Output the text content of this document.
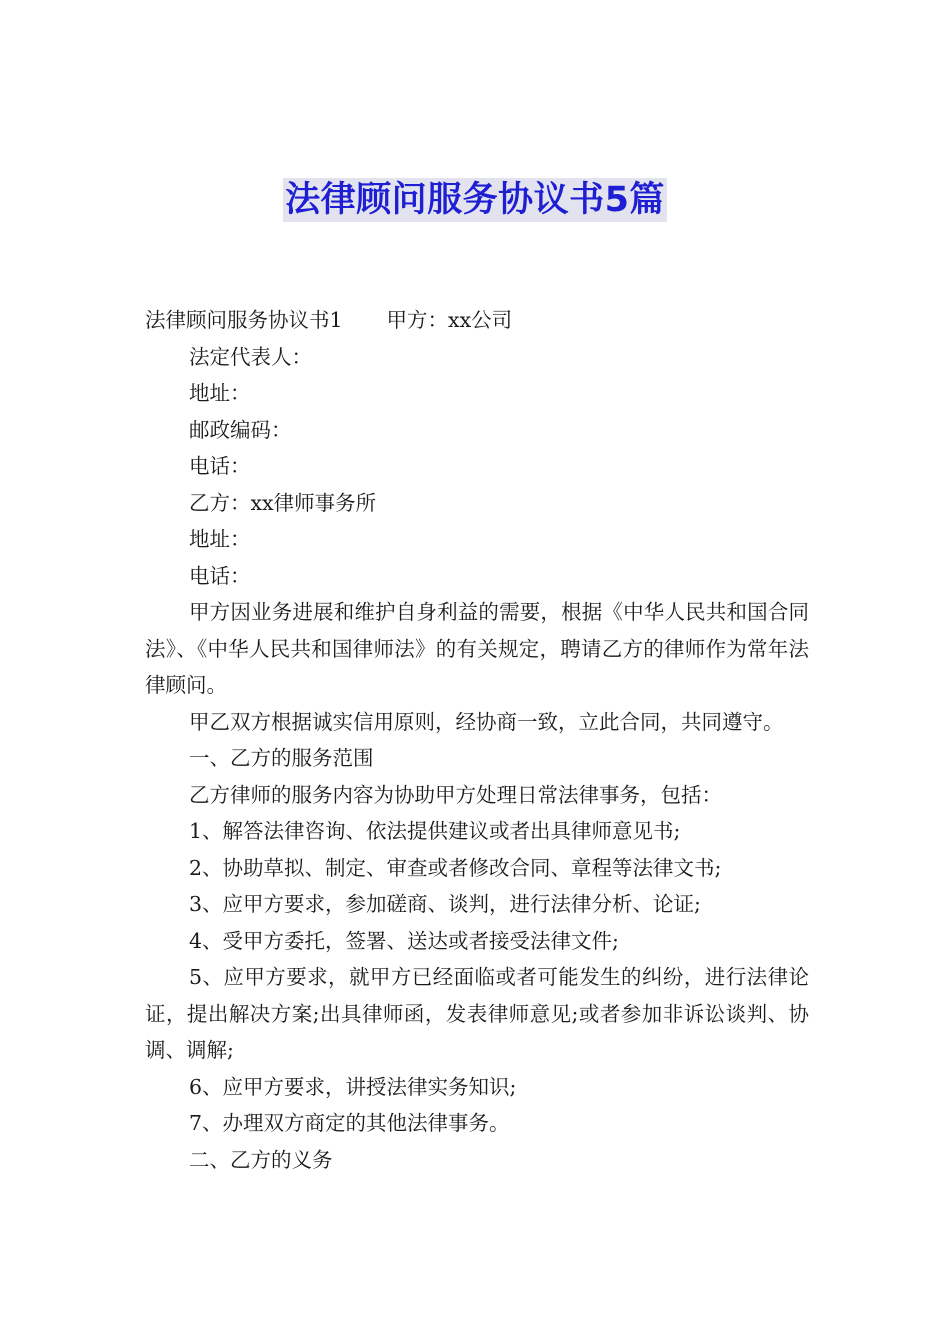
法律顾问服务协议书5篇

法律顾问服务协议书1 甲方：xx公司

法定代表人：

地址：

邮政编码：

电话：

乙方：xx律师事务所

地址：

电话：

甲方因业务进展和维护自身利益的需要，根据《中华人民共和国合同法》、《中华人民共和国律师法》的有关规定，聘请乙方的律师作为常年法律顾问。

甲乙双方根据诚实信用原则，经协商一致，立此合同，共同遵守。

一、乙方的服务范围

乙方律师的服务内容为协助甲方处理日常法律事务，包括：

1、解答法律咨询、依法提供建议或者出具律师意见书;

2、协助草拟、制定、审查或者修改合同、章程等法律文书;

3、应甲方要求，参加磋商、谈判，进行法律分析、论证;

4、受甲方委托，签署、送达或者接受法律文件;

5、应甲方要求，就甲方已经面临或者可能发生的纠纷，进行法律论证，提出解决方案;出具律师函，发表律师意见;或者参加非诉讼谈判、协调、调解;

6、应甲方要求，讲授法律实务知识;

7、办理双方商定的其他法律事务。

二、乙方的义务
